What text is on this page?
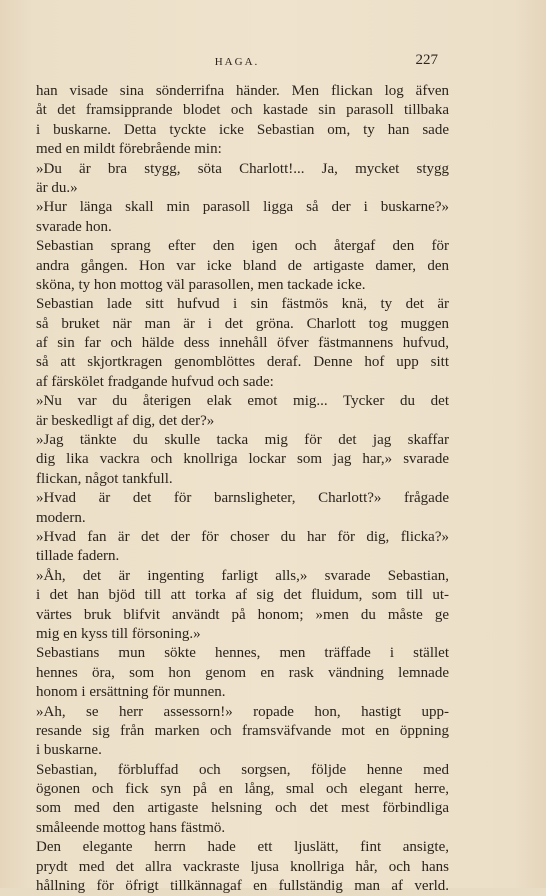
HAGA.	227
han visade sina sönderrifna händer. Men flickan log äfven
åt det framsipprande blodet och kastade sin parasoll tillbaka
i buskarne. Detta tyckte icke Sebastian om, ty han sade
med en mildt förebrående min:
»Du är bra stygg, söta Charlott!... Ja, mycket stygg
är du.»
»Hur länga skall min parasoll ligga så der i buskarne?»
svarade hon.
Sebastian sprang efter den igen och återgaf den för
andra gången. Hon var icke bland de artigaste damer, den
sköna, ty hon mottog väl parasollen, men tackade icke.
Sebastian lade sitt hufvud i sin fästmös knä, ty det är
så bruket när man är i det gröna. Charlott tog muggen
af sin far och hälde dess innehåll öfver fästmannens hufvud,
så att skjortkragen genomblöttes deraf. Denne hof upp sitt
af färskölet fradgande hufvud och sade:
»Nu var du återigen elak emot mig... Tycker du det
är beskedligt af dig, det der?»
»Jag tänkte du skulle tacka mig för det jag skaffar
dig lika vackra och knollriga lockar som jag har,» svarade
flickan, något tankfull.
»Hvad är det för barnsligheter, Charlott?» frågade
modern.
»Hvad fan är det der för choser du har för dig, flicka?»
tillade fadern.
»Åh, det är ingenting farligt alls,» svarade Sebastian,
i det han bjöd till att torka af sig det fluidum, som till ut-
värtes bruk blifvit användt på honom; »men du måste ge
mig en kyss till försoning.»
Sebastians mun sökte hennes, men träffade i stället
hennes öra, som hon genom en rask vändning lemnade
honom i ersättning för munnen.
»Ah, se herr assessorn!» ropade hon, hastigt upp-
resande sig från marken och framsväfvande mot en öppning
i buskarne.
Sebastian, förbluffad och sorgsen, följde henne med
ögonen och fick syn på en lång, smal och elegant herre,
som med den artigaste helsning och det mest förbindliga
småleende mottog hans fästmö.
Den elegante herrn hade ett ljuslätt, fint ansigte,
prydt med det allra vackraste ljusa knollriga hår, och hans
hållning för öfrigt tillkännagaf en fullständig man af verld.
